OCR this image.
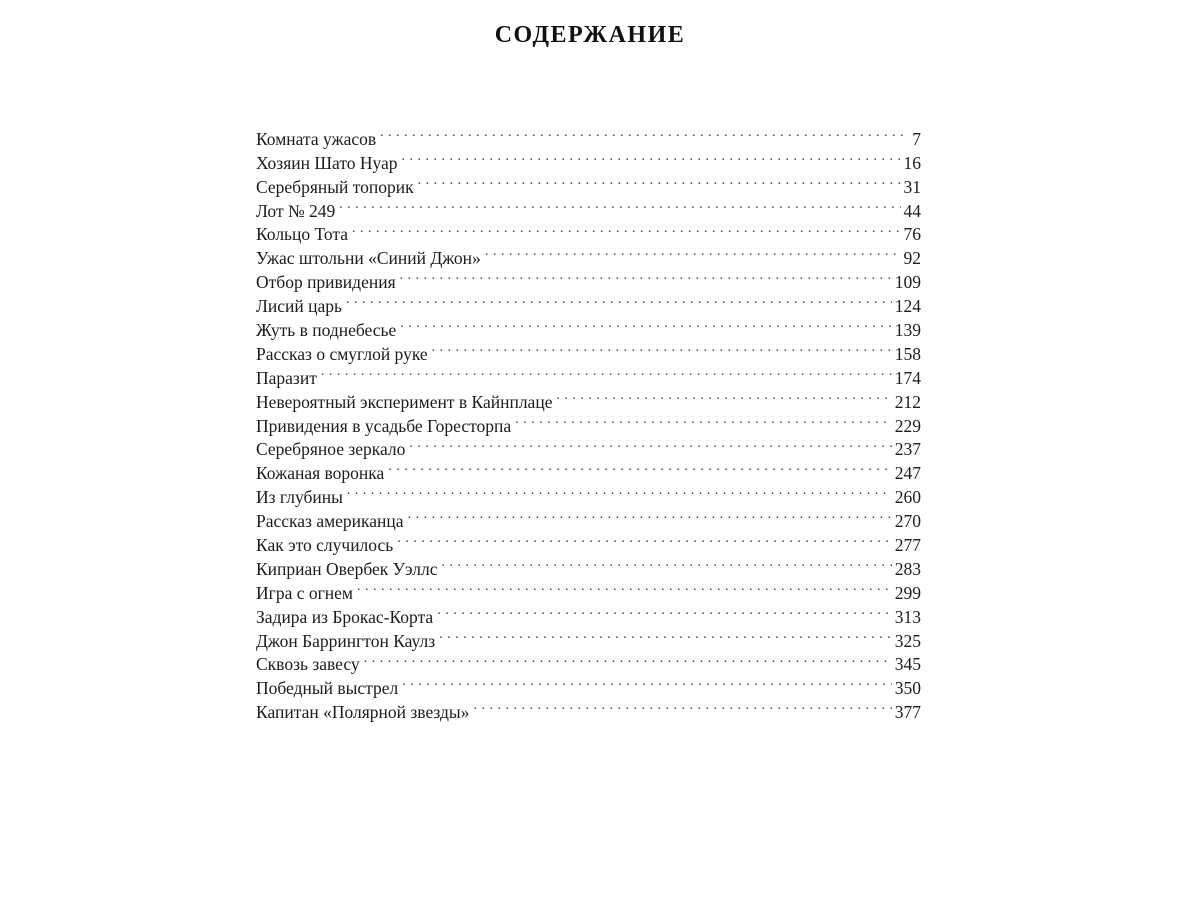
СОДЕРЖАНИЕ
Комната ужасов . . .	7
Хозяин Шато Нуар . . .	16
Серебряный топорик . . .	31
Лот № 249 . . .	44
Кольцо Тота . . .	76
Ужас штольни «Синий Джон» . . .	92
Отбор привидения . . .	109
Лисий царь . . .	124
Жуть в поднебесье . . .	139
Рассказ о смуглой руке . . .	158
Паразит . . .	174
Невероятный эксперимент в Кайнплаце . . .	212
Привидения в усадьбе Горесторпа . . .	229
Серебряное зеркало . . .	237
Кожаная воронка . . .	247
Из глубины . . .	260
Рассказ американца . . .	270
Как это случилось . . .	277
Киприан Овербек Уэллс . . .	283
Игра с огнем . . .	299
Задира из Брокас-Корта . . .	313
Джон Баррингтон Каулз . . .	325
Сквозь завесу . . .	345
Победный выстрел . . .	350
Капитан «Полярной звезды» . . .	377
